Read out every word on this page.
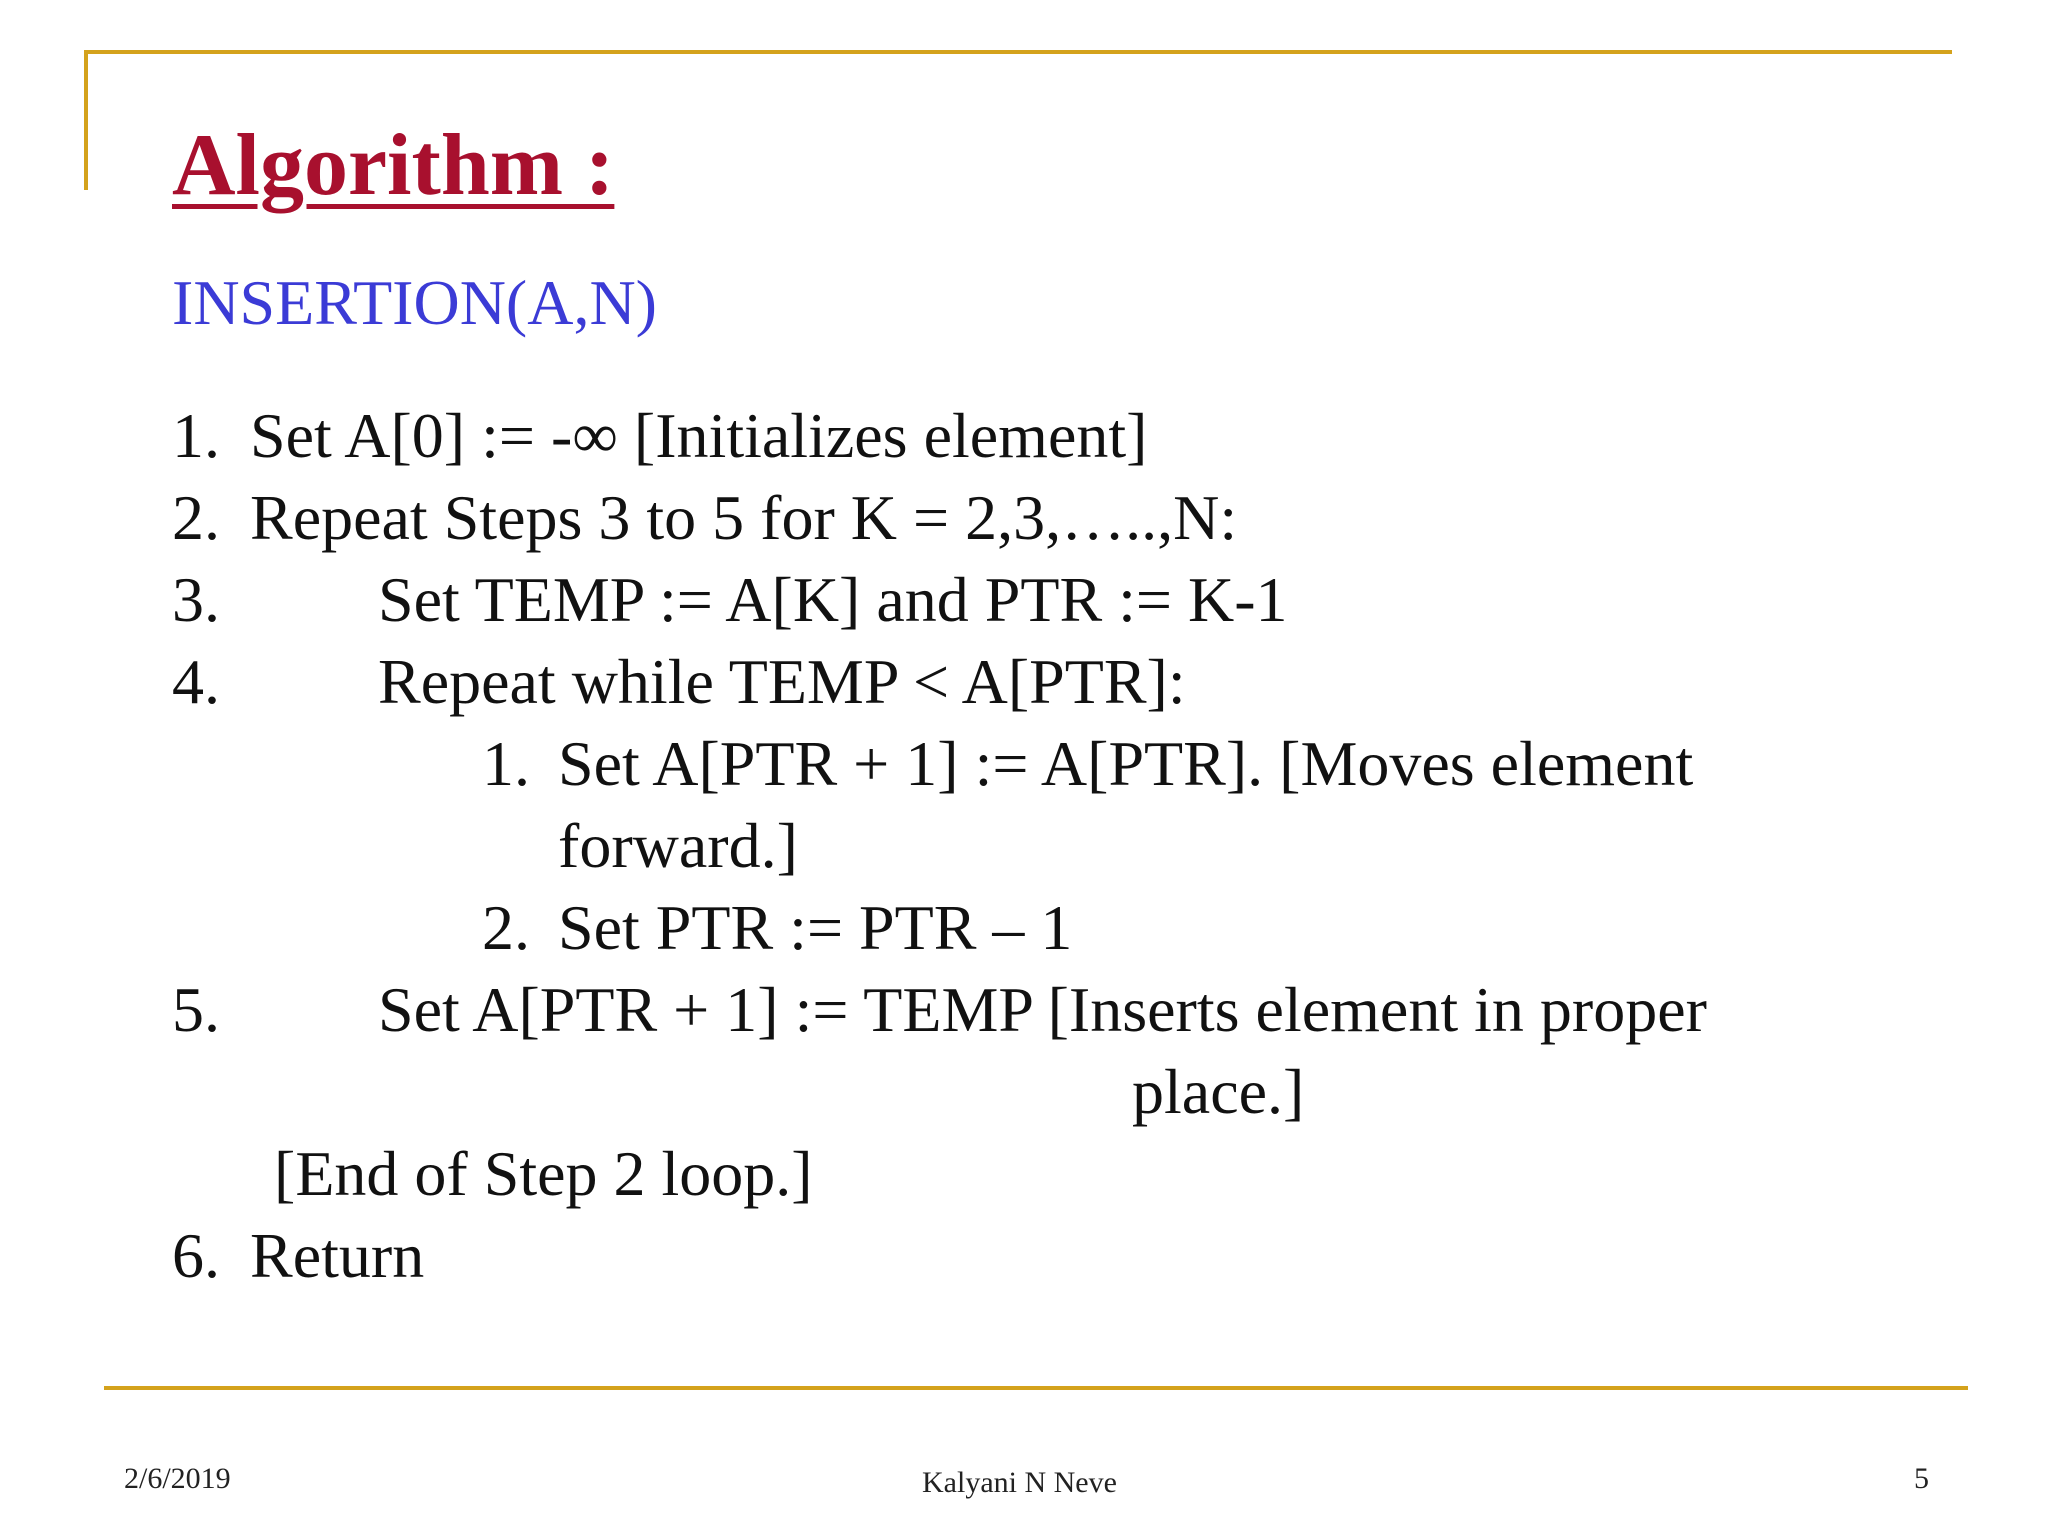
Algorithm :
INSERTION(A,N)
1. Set A[0] := -∞ [Initializes element]
2. Repeat Steps 3 to 5 for K = 2,3,…..,N:
3. Set TEMP := A[K] and PTR := K-1
4. Repeat while TEMP < A[PTR]:
1. Set A[PTR + 1] := A[PTR]. [Moves element
forward.]
2. Set PTR := PTR – 1
5. Set A[PTR + 1] := TEMP [Inserts element in proper
place.]
[End of Step 2 loop.]
6. Return
2/6/2019	Kalyani N Neve	5
